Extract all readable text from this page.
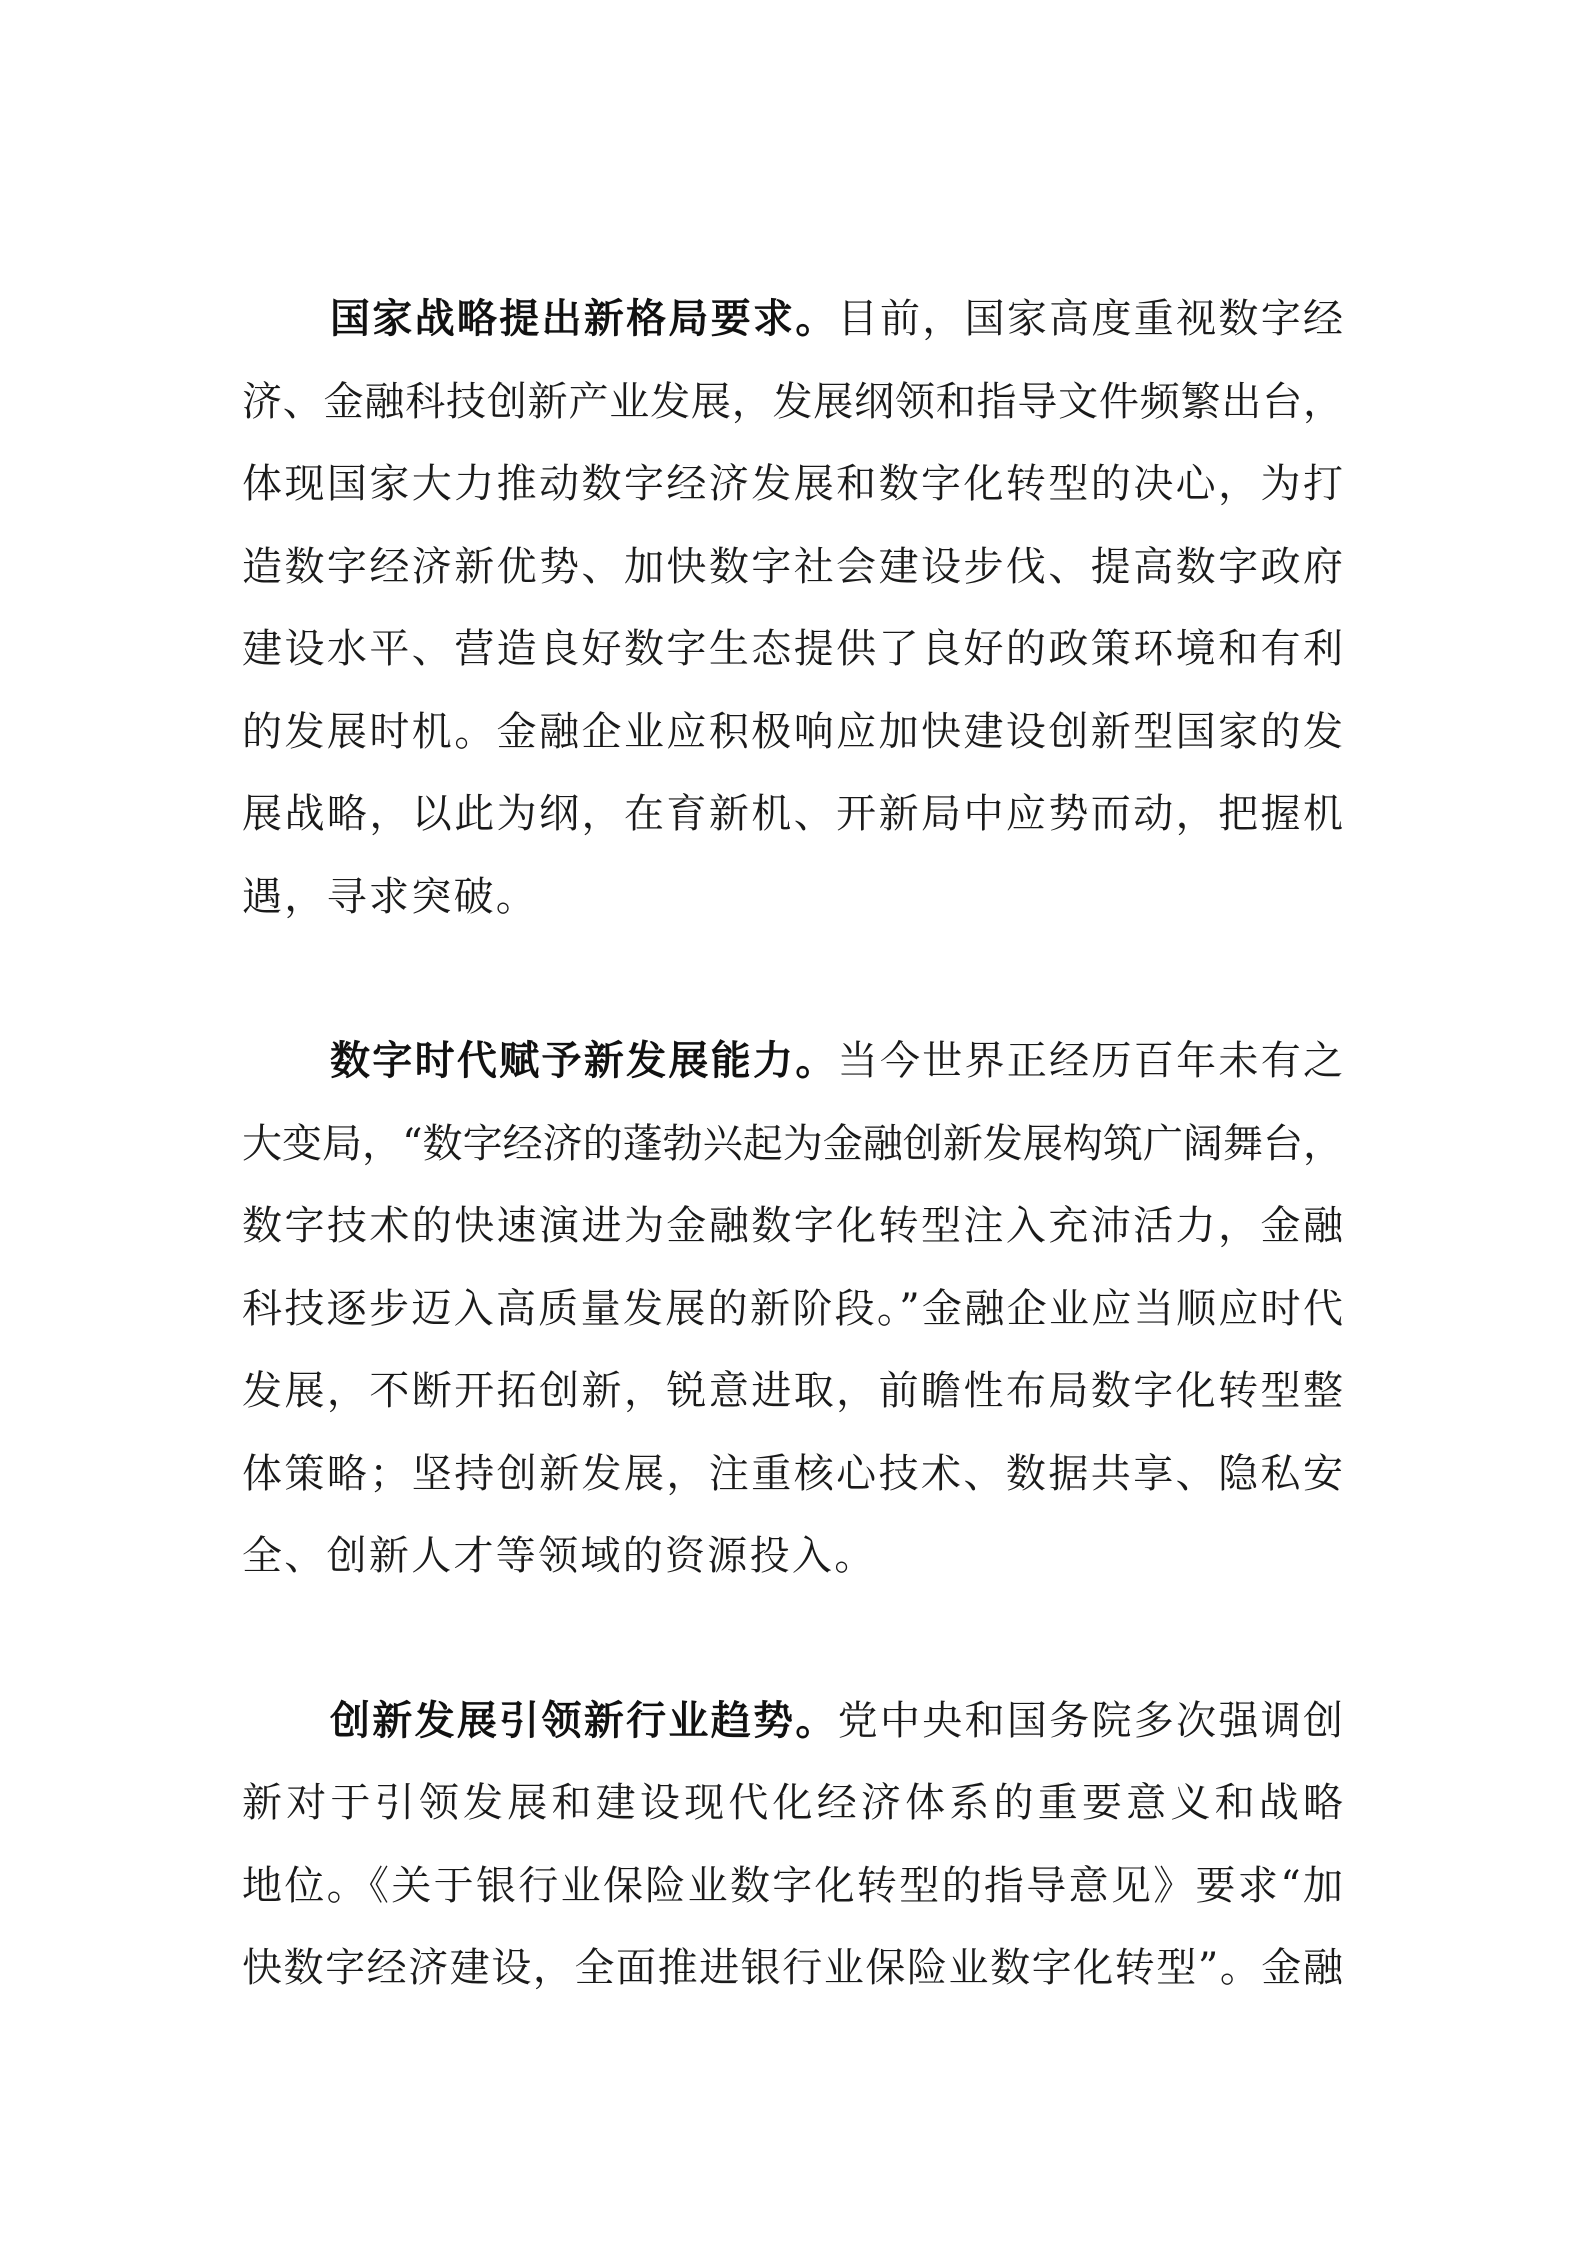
国家战略提出新格局要求。目前，国家高度重视数字经
济、金融科技创新产业发展，发展纲领和指导文件频繁出台，
体现国家大力推动数字经济发展和数字化转型的决心，为打
造数字经济新优势、加快数字社会建设步伐、提高数字政府
建设水平、营造良好数字生态提供了良好的政策环境和有利
的发展时机。金融企业应积极响应加快建设创新型国家的发
展战略，以此为纲，在育新机、开新局中应势而动，把握机
遇，寻求突破。
数字时代赋予新发展能力。当今世界正经历百年未有之
大变局，“数字经济的蓬勃兴起为金融创新发展构筑广阔舞台，
数字技术的快速演进为金融数字化转型注入充沛活力，金融
科技逐步迈入高质量发展的新阶段。”金融企业应当顺应时代
发展，不断开拓创新，锐意进取，前瞻性布局数字化转型整
体策略；坚持创新发展，注重核心技术、数据共享、隐私安
全、创新人才等领域的资源投入。
创新发展引领新行业趋势。党中央和国务院多次强调创
新对于引领发展和建设现代化经济体系的重要意义和战略
地位。《关于银行业保险业数字化转型的指导意见》要求“加
快数字经济建设，全面推进银行业保险业数字化转型”。金融
